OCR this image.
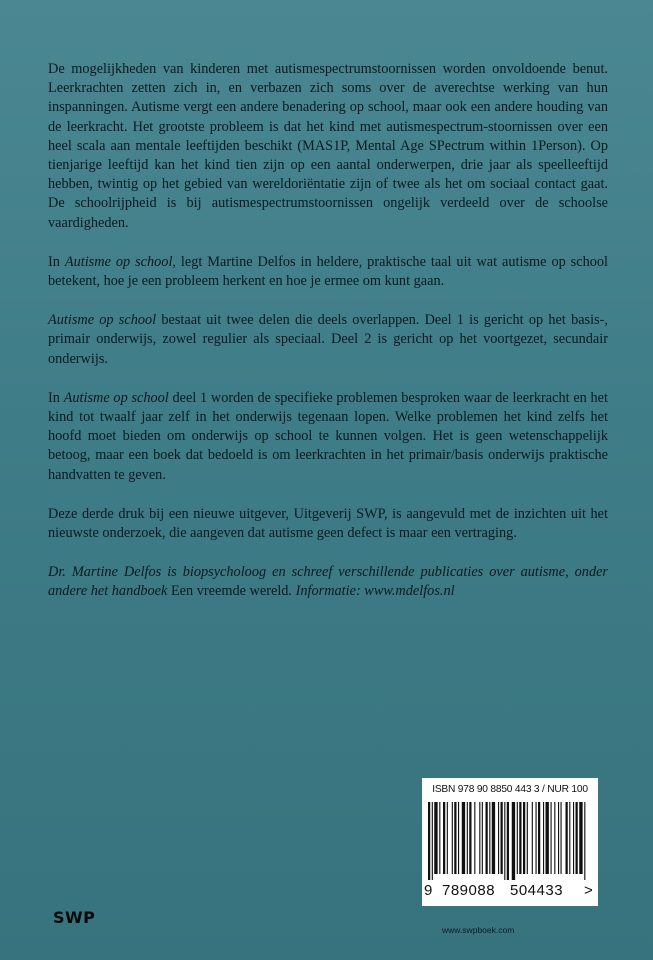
De mogelijkheden van kinderen met autismespectrumstoornissen worden onvoldoende benut. Leerkrachten zetten zich in, en verbazen zich soms over de averechtse werking van hun inspanningen. Autisme vergt een andere benadering op school, maar ook een andere houding van de leerkracht. Het grootste probleem is dat het kind met autismespectrum-stoornissen over een heel scala aan mentale leeftijden beschikt (MAS1P, Mental Age SPectrum within 1Person). Op tienjarige leeftijd kan het kind tien zijn op een aantal onderwerpen, drie jaar als speelleeftijd hebben, twintig op het gebied van wereldoriëntatie zijn of twee als het om sociaal contact gaat. De schoolrijpheid is bij autismespectrumstoornissen ongelijk verdeeld over de schoolse vaardigheden.

In Autisme op school, legt Martine Delfos in heldere, praktische taal uit wat autisme op school betekent, hoe je een probleem herkent en hoe je ermee om kunt gaan.

Autisme op school bestaat uit twee delen die deels overlappen. Deel 1 is gericht op het basis-, primair onderwijs, zowel regulier als speciaal. Deel 2 is gericht op het voortgezet, secundair onderwijs.

In Autisme op school deel 1 worden de specifieke problemen besproken waar de leerkracht en het kind tot twaalf jaar zelf in het onderwijs tegenaan lopen. Welke problemen het kind zelfs het hoofd moet bieden om onderwijs op school te kunnen volgen. Het is geen wetenschappelijk betoog, maar een boek dat bedoeld is om leerkrachten in het primair/basis onderwijs praktische handvatten te geven.

Deze derde druk bij een nieuwe uitgever, Uitgeverij SWP, is aangevuld met de inzichten uit het nieuwste onderzoek, die aangeven dat autisme geen defect is maar een vertraging.

Dr. Martine Delfos is biopsycholoog en schreef verschillende publicaties over autisme, onder andere het handboek Een vreemde wereld. Informatie: www.mdelfos.nl

ISBN 978 90 8850 443 3 / NUR 100
9 789088 504433 >
SWP
www.swpboek.com
